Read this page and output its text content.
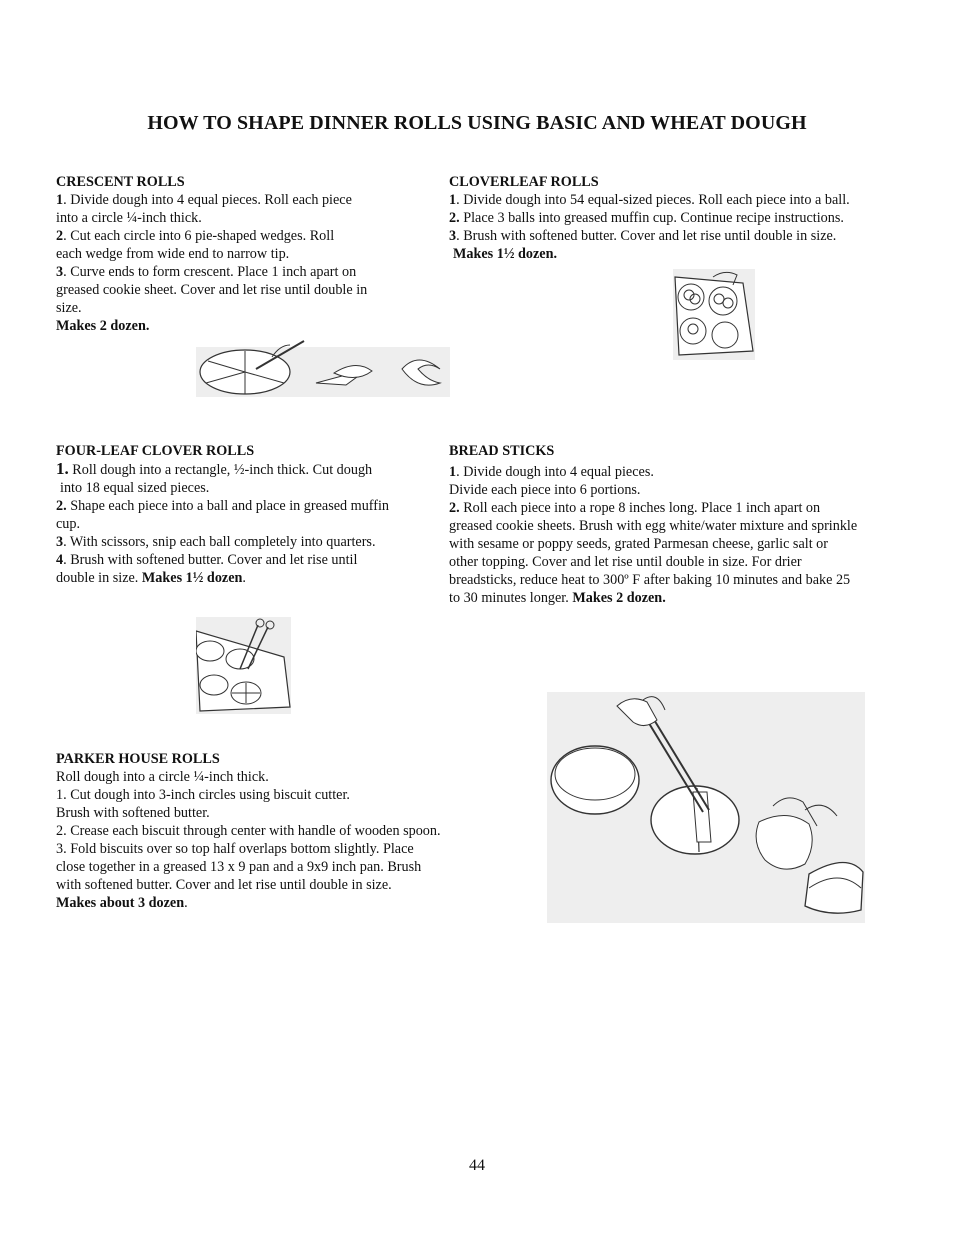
HOW TO SHAPE DINNER ROLLS USING BASIC AND WHEAT DOUGH

CRESCENT ROLLS

1. Divide dough into 4 equal pieces. Roll each piece

into a circle ¼-inch thick.

2. Cut each circle into 6 pie-shaped wedges. Roll

each wedge from wide end to narrow tip.

3. Curve ends to form crescent. Place 1 inch apart on

greased cookie sheet. Cover and let rise until double in

size.

Makes 2 dozen.

CLOVERLEAF ROLLS

1. Divide dough into 54 equal-sized pieces. Roll each piece into a ball.

2. Place 3 balls into greased muffin cup. Continue recipe instructions.

3. Brush with softened butter. Cover and let rise until double in size.

Makes 1½ dozen.

FOUR-LEAF CLOVER ROLLS

1. Roll dough into a rectangle, ½-inch thick. Cut dough

into 18 equal sized pieces.

2. Shape each piece into a ball and place in greased muffin

cup.

3. With scissors, snip each ball completely into quarters.

4. Brush with softened butter. Cover and let rise until

double in size. Makes 1½ dozen.

BREAD STICKS

1. Divide dough into 4 equal pieces.

Divide each piece into 6 portions.

2. Roll each piece into a rope 8 inches long. Place 1 inch apart on

greased cookie sheets. Brush with egg white/water mixture and sprinkle

with sesame or poppy seeds, grated Parmesan cheese, garlic salt or

other topping. Cover and let rise until double in size. For drier

breadsticks, reduce heat to 300º F after baking 10 minutes and bake 25

to 30 minutes longer. Makes 2 dozen.

PARKER HOUSE ROLLS

Roll dough into a circle ¼-inch thick.

1. Cut dough into 3-inch circles using biscuit cutter.

Brush with softened butter.

2. Crease each biscuit through center with handle of wooden spoon.

3. Fold biscuits over so top half overlaps bottom slightly. Place

close together in a greased 13 x 9 pan and a 9x9 inch pan. Brush

with softened butter. Cover and let rise until double in size.

Makes about 3 dozen.

44
